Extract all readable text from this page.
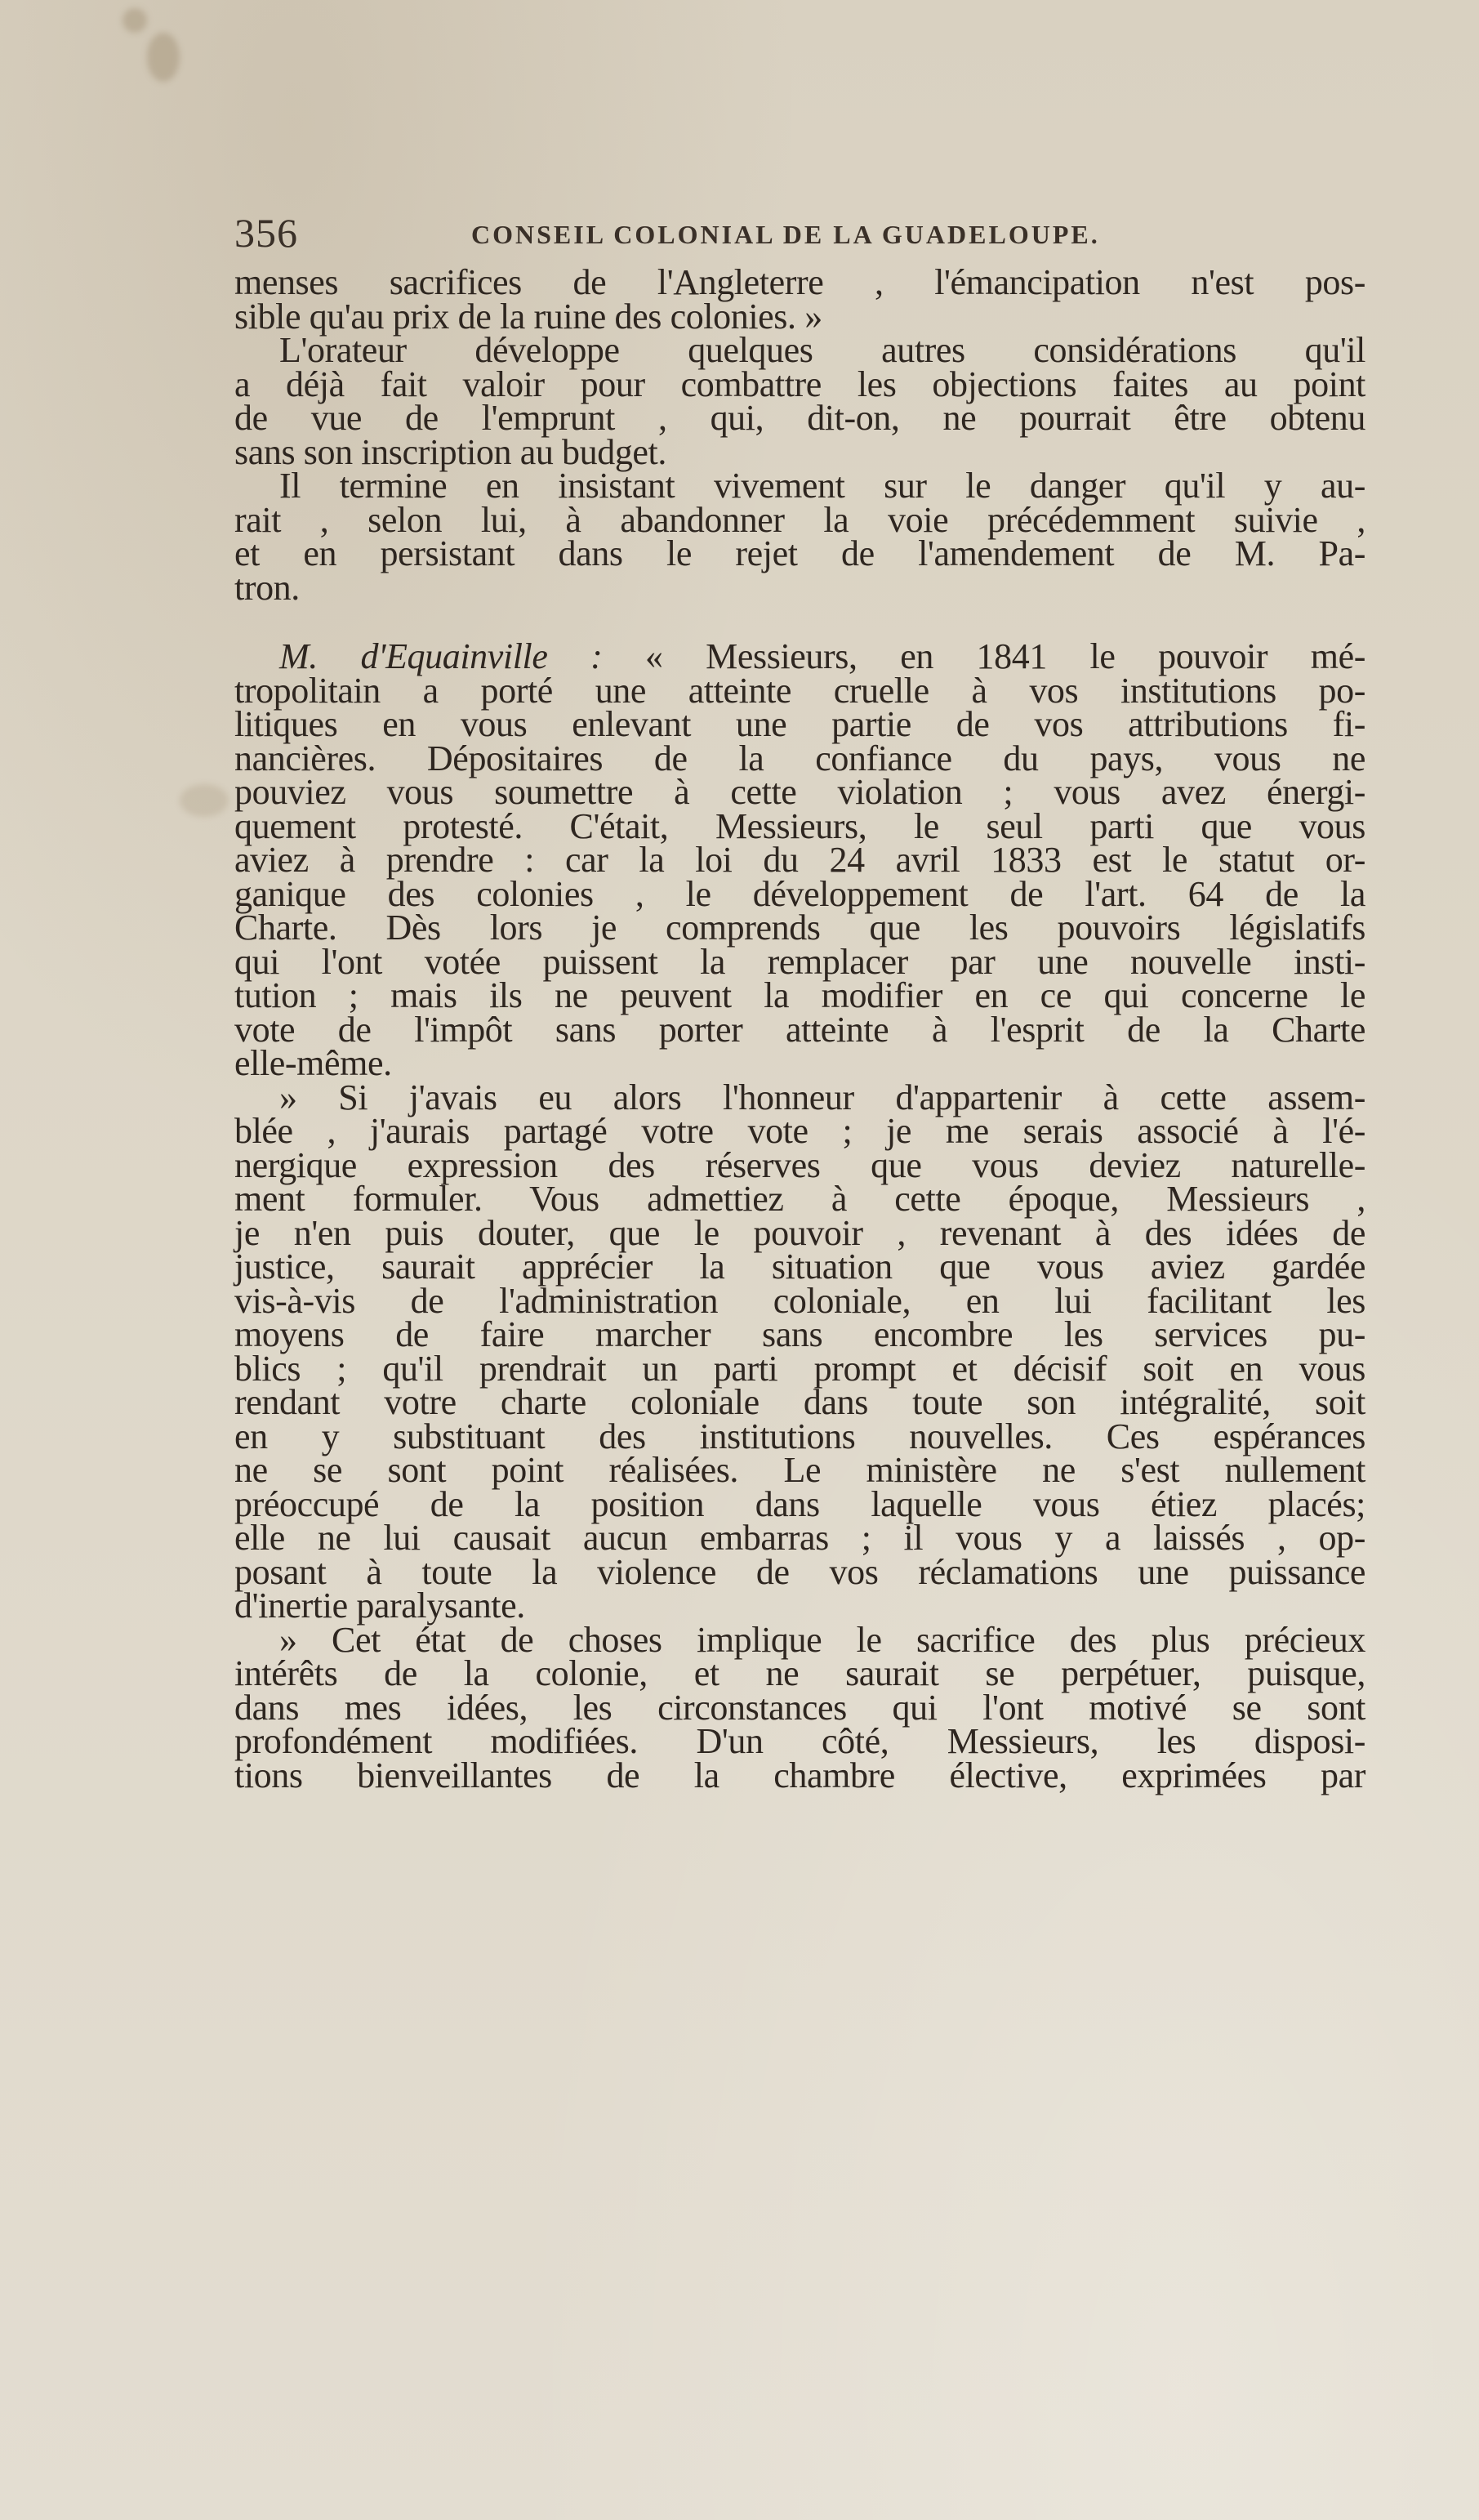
356	CONSEIL COLONIAL DE LA GUADELOUPE.
menses sacrifices de l'Angleterre , l'émancipation n'est pos-
sible qu'au prix de la ruine des colonies. »
L'orateur développe quelques autres considérations qu'il
a déjà fait valoir pour combattre les objections faites au point
de vue de l'emprunt , qui, dit-on, ne pourrait être obtenu
sans son inscription au budget.
Il termine en insistant vivement sur le danger qu'il y au-
rait , selon lui, à abandonner la voie précédemment suivie ,
et en persistant dans le rejet de l'amendement de M. Pa-
tron.
M. d'Equainville : « Messieurs, en 1841 le pouvoir mé-
tropolitain a porté une atteinte cruelle à vos institutions po-
litiques en vous enlevant une partie de vos attributions fi-
nancières. Dépositaires de la confiance du pays, vous ne
pouviez vous soumettre à cette violation ; vous avez énergi-
quement protesté. C'était, Messieurs, le seul parti que vous
aviez à prendre : car la loi du 24 avril 1833 est le statut or-
ganique des colonies , le développement de l'art. 64 de la
Charte. Dès lors je comprends que les pouvoirs législatifs
qui l'ont votée puissent la remplacer par une nouvelle insti-
tution ; mais ils ne peuvent la modifier en ce qui concerne le
vote de l'impôt sans porter atteinte à l'esprit de la Charte
elle-même.
» Si j'avais eu alors l'honneur d'appartenir à cette assem-
blée , j'aurais partagé votre vote ; je me serais associé à l'é-
nergique expression des réserves que vous deviez naturelle-
ment formuler. Vous admettiez à cette époque, Messieurs ,
je n'en puis douter, que le pouvoir , revenant à des idées de
justice, saurait apprécier la situation que vous aviez gardée
vis-à-vis de l'administration coloniale, en lui facilitant les
moyens de faire marcher sans encombre les services pu-
blics ; qu'il prendrait un parti prompt et décisif soit en vous
rendant votre charte coloniale dans toute son intégralité, soit
en y substituant des institutions nouvelles. Ces espérances
ne se sont point réalisées. Le ministère ne s'est nullement
préoccupé de la position dans laquelle vous étiez placés;
elle ne lui causait aucun embarras ; il vous y a laissés , op-
posant à toute la violence de vos réclamations une puissance
d'inertie paralysante.
» Cet état de choses implique le sacrifice des plus précieux
intérêts de la colonie, et ne saurait se perpétuer, puisque,
dans mes idées, les circonstances qui l'ont motivé se sont
profondément modifiées. D'un côté, Messieurs, les disposi-
tions bienveillantes de la chambre élective, exprimées par
